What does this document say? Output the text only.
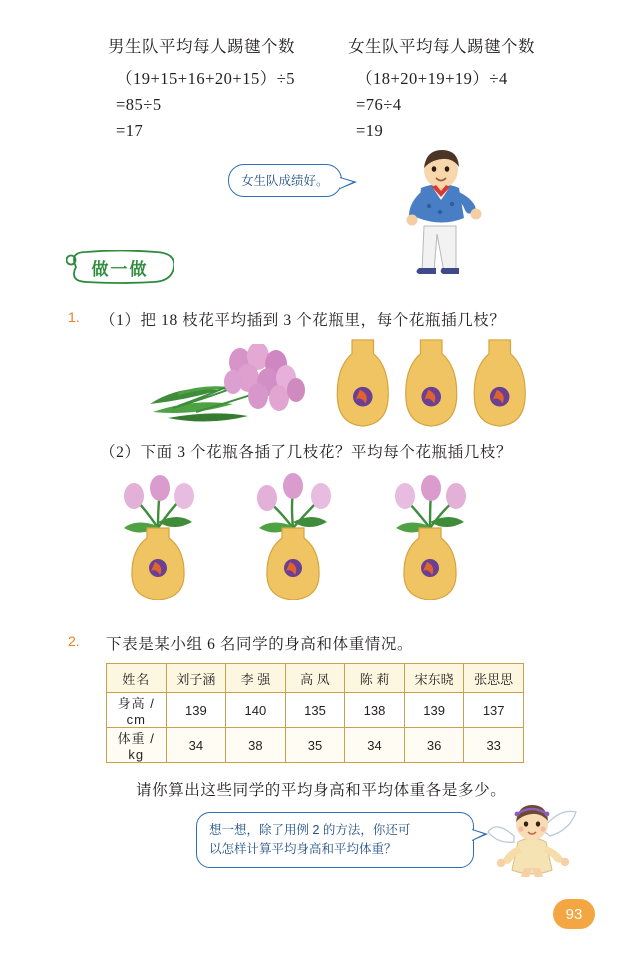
男生队平均每人踢毽个数
（19+15+16+20+15）÷5
=85÷5
=17
女生队平均每人踢毽个数
（18+20+19+19）÷4
=76÷4
=19
女生队成绩好。
做一做
1. （1）把 18 枝花平均插到 3 个花瓶里，每个花瓶插几枝？
（2）下面 3 个花瓶各插了几枝花？平均每个花瓶插几枝？
2. 下表是某小组 6 名同学的身高和体重情况。
姓名	刘子涵	李 强	高 凤	陈 莉	宋东晓	张思思
身高 / cm	139	140	135	138	139	137
体重 / kg	34	38	35	34	36	33
请你算出这些同学的平均身高和平均体重各是多少。
想一想，除了用例 2 的方法，你还可
以怎样计算平均身高和平均体重？
93
